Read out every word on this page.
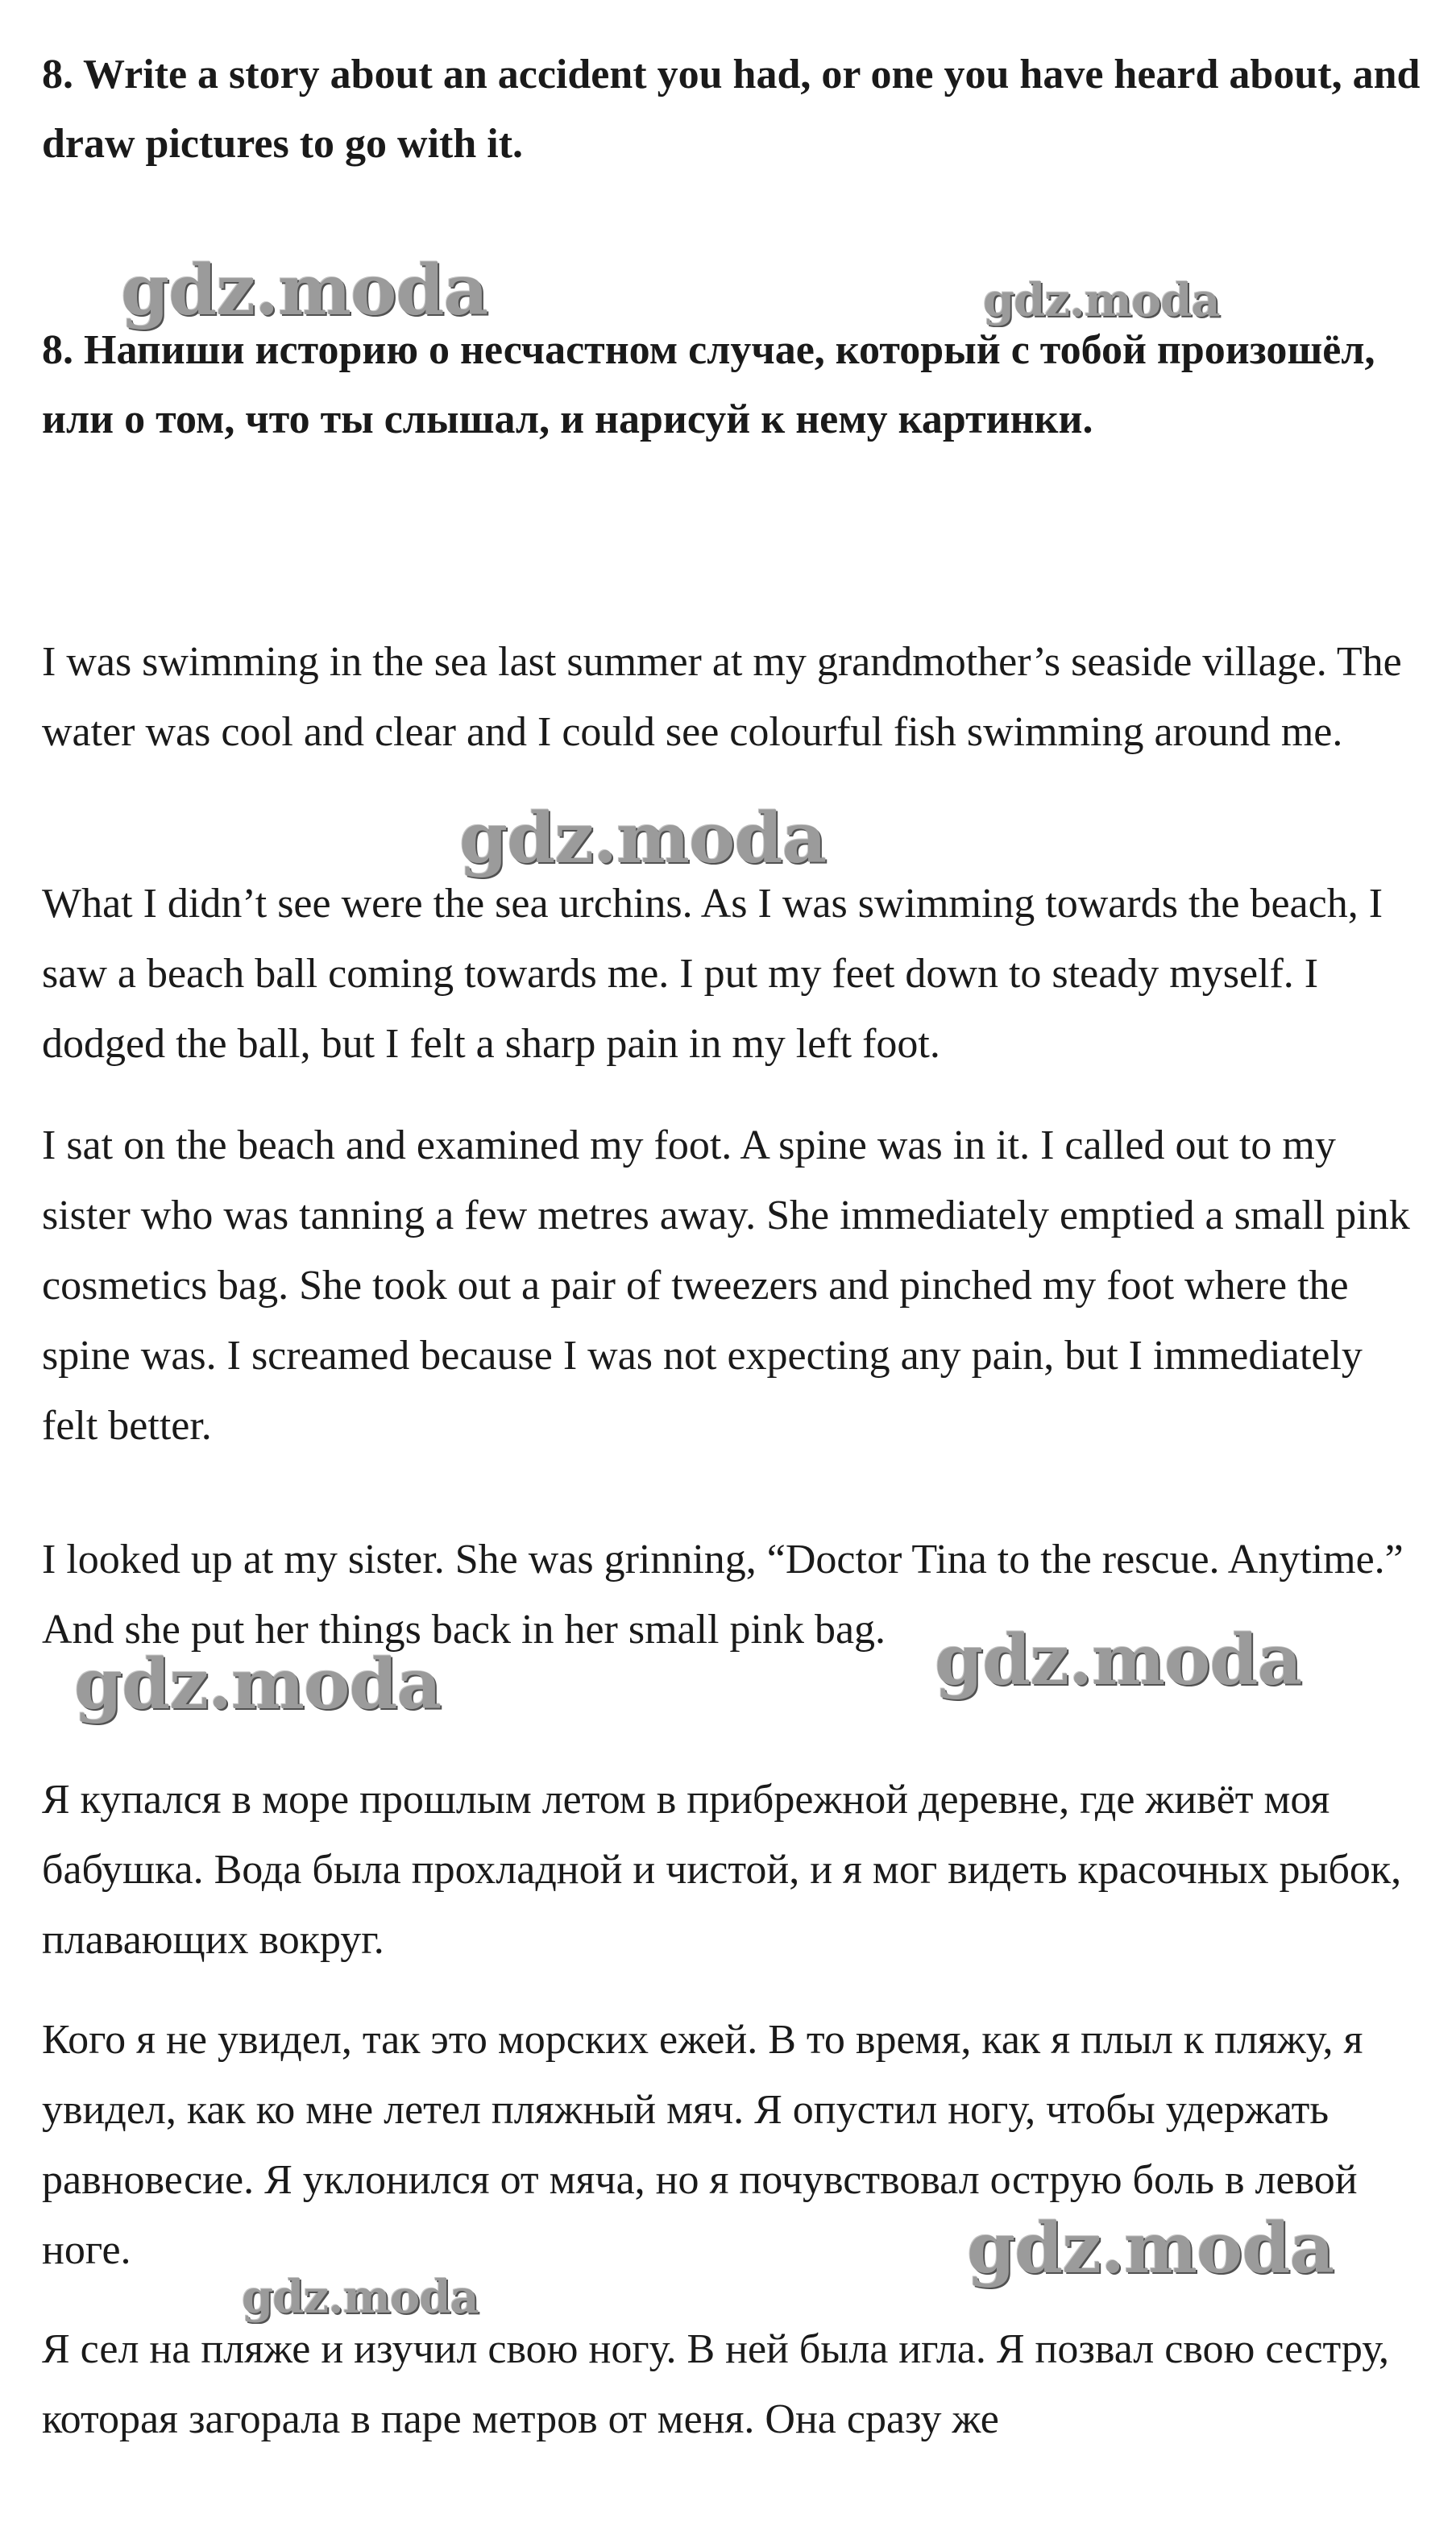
8. Write a story about an accident you had, or one you have heard about, and draw pictures to go with it.

8. Напиши историю о несчастном случае, который с тобой произошёл, или о том, что ты слышал, и нарисуй к нему картинки.

I was swimming in the sea last summer at my grandmother’s seaside village. The water was cool and clear and I could see colourful fish swimming around me.

What I didn’t see were the sea urchins. As I was swimming towards the beach, I saw a beach ball coming towards me. I put my feet down to steady myself. I dodged the ball, but I felt a sharp pain in my left foot.

I sat on the beach and examined my foot. A spine was in it. I called out to my sister who was tanning a few metres away. She immediately emptied a small pink cosmetics bag. She took out a pair of tweezers and pinched my foot where the spine was. I screamed because I was not expecting any pain, but I immediately felt better.

I looked up at my sister. She was grinning, “Doctor Tina to the rescue. Anytime.” And she put her things back in her small pink bag.

Я купался в море прошлым летом в прибрежной деревне, где живёт моя бабушка. Вода была прохладной и чистой, и я мог видеть красочных рыбок, плавающих вокруг.

Кого я не увидел, так это морских ежей. В то время, как я плыл к пляжу, я увидел, как ко мне летел пляжный мяч. Я опустил ногу, чтобы удержать равновесие. Я уклонился от мяча, но я почувствовал острую боль в левой ноге.

Я сел на пляже и изучил свою ногу. В ней была игла. Я позвал свою сестру, которая загорала в паре метров от меня. Она сразу же

gdz.moda	gdz.moda
gdz.moda
gdz.moda	gdz.moda
gdz.moda
gdz.moda
